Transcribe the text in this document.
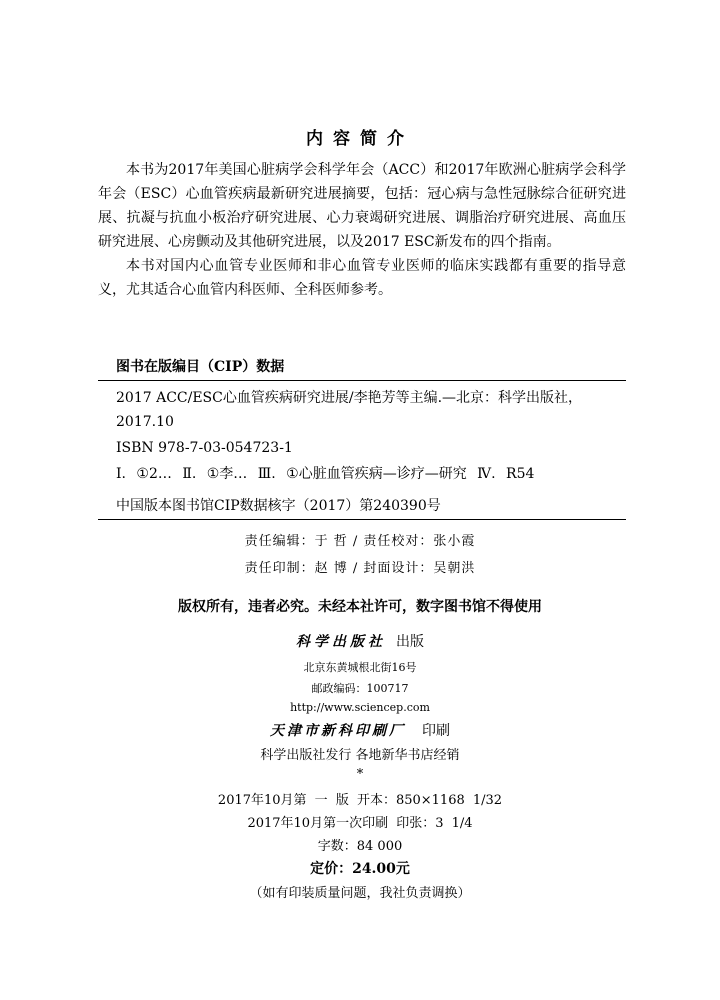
内容简介

本书为2017年美国心脏病学会科学年会（ACC）和2017年欧洲心脏病学会科学年会（ESC）心血管疾病最新研究进展摘要，包括：冠心病与急性冠脉综合征研究进展、抗凝与抗血小板治疗研究进展、心力衰竭研究进展、调脂治疗研究进展、高血压研究进展、心房颤动及其他研究进展，以及2017 ESC新发布的四个指南。

本书对国内心血管专业医师和非心血管专业医师的临床实践都有重要的指导意义，尤其适合心血管内科医师、全科医师参考。

图书在版编目（CIP）数据
2017 ACC/ESC心血管疾病研究进展/李艳芳等主编.—北京：科学出版社，2017.10
ISBN 978-7-03-054723-1
Ⅰ. ①2… Ⅱ. ①李… Ⅲ. ①心脏血管疾病—诊疗—研究 Ⅳ. R54
中国版本图书馆CIP数据核字（2017）第240390号
责任编辑：于 哲 / 责任校对：张小霞
责任印制：赵 博 / 封面设计：吴朝洪
版权所有，违者必究。未经本社许可，数字图书馆不得使用
科学出版社 出版
北京东黄城根北街16号
邮政编码：100717
http://www.sciencep.com
天津市新科印刷厂 印刷
科学出版社发行 各地新华书店经销
*
2017年10月第 一 版 开本：850×1168 1/32
2017年10月第一次印刷 印张：3 1/4
字数：84 000
定价：24.00元
（如有印装质量问题，我社负责调换）
